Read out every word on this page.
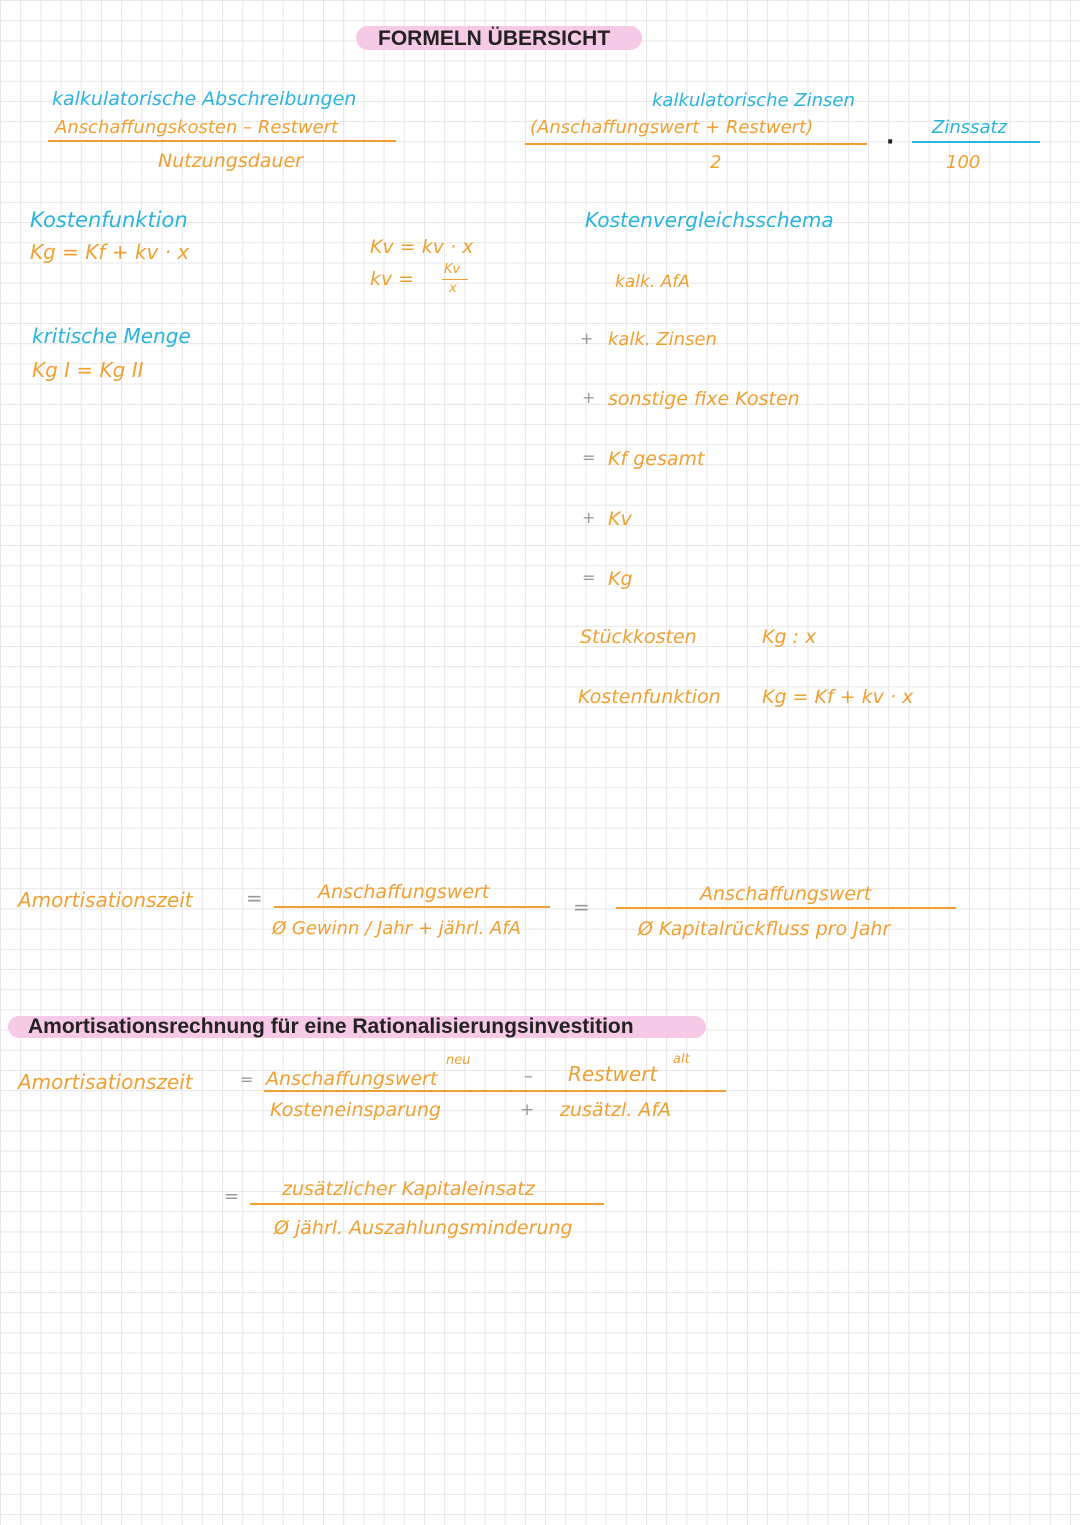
FORMELN ÜBERSICHT
kalkulatorische Abschreibungen
Anschaffungskosten – Restwert
Nutzungsdauer
kalkulatorische Zinsen
(Anschaffungswert + Restwert)
2
·
Zinssatz
100
Kostenfunktion
Kg = Kf + kv · x	Kv = kv · x
kv = Kv
x
kritische Menge
Kg I = Kg II
Kostenvergleichsschema
kalk. AfA
+ kalk. Zinsen
+ sonstige fixe Kosten
= Kf gesamt
+ Kv
= Kg
Stückkosten	Kg : x
Kostenfunktion Kg = Kf + kv · x
Amortisationszeit	=	Anschaffungswert
Ø Gewinn / Jahr + jährl. AfA
=
Anschaffungswert
Ø Kapitalrückfluss pro Jahr
Amortisationsrechnung für eine Rationalisierungsinvestition
Amortisationszeit	= Anschaffungswert
neu
– Restwert
alt
Kosteneinsparung	+ zusätzl. AfA
= zusätzlicher Kapitaleinsatz
Ø jährl. Auszahlungsminderung
